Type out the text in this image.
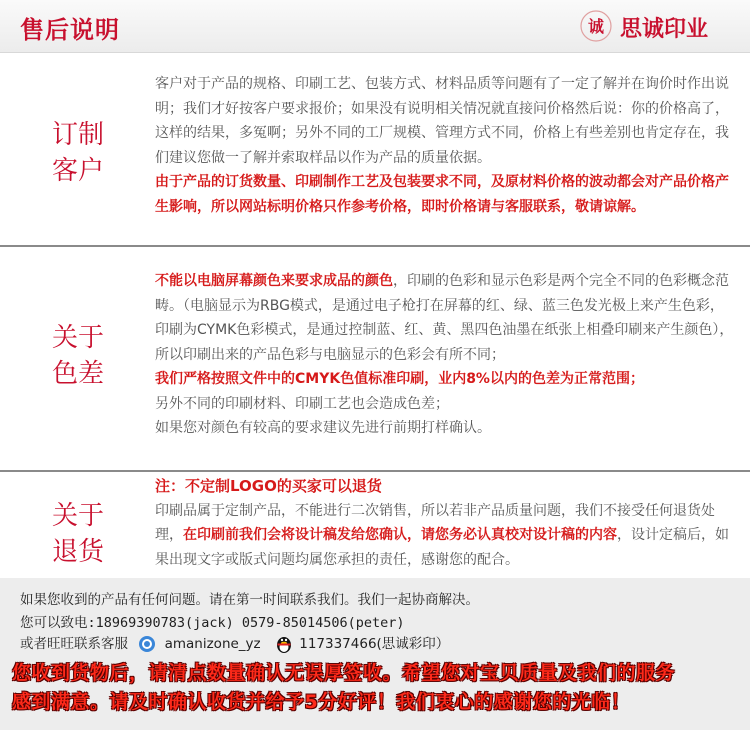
售后说明	诚 思诚印业
订制
客户

客户对于产品的规格、印刷工艺、包装方式、材料品质等问题有了一定了解并在询价时作出说明；我们才好按客户要求报价；如果没有说明相关情况就直接问价格然后说：你的价格高了，这样的结果，多冤啊；另外不同的工厂规模、管理方式不同，价格上有些差别也肯定存在，我们建议您做一了解并索取样品以作为产品的质量依据。

由于产品的订货数量、印刷制作工艺及包装要求不同，及原材料价格的波动都会对产品价格产生影响，所以网站标明价格只作参考价格，即时价格请与客服联系，敬请谅解。

关于
色差

不能以电脑屏幕颜色来要求成品的颜色，印刷的色彩和显示色彩是两个完全不同的色彩概念范畴。（电脑显示为RBG模式，是通过电子枪打在屏幕的红、绿、蓝三色发光极上来产生色彩，印刷为CYMK色彩模式，是通过控制蓝、红、黄、黑四色油墨在纸张上相叠印刷来产生颜色），所以印刷出来的产品色彩与电脑显示的色彩会有所不同；

我们严格按照文件中的CMYK色值标准印刷，业内8%以内的色差为正常范围；

另外不同的印刷材料、印刷工艺也会造成色差；

如果您对颜色有较高的要求建议先进行前期打样确认。

关于
退货

注：不定制LOGO的买家可以退货

印刷品属于定制产品，不能进行二次销售，所以若非产品质量问题，我们不接受任何退货处理，在印刷前我们会将设计稿发给您确认，请您务必认真校对设计稿的内容，设计定稿后，如果出现文字或版式问题均属您承担的责任，感谢您的配合。

如果您收到的产品有任何问题。请在第一时间联系我们。我们一起协商解决。
您可以致电:18969390783(jack) 0579-85014506(peter)
或者旺旺联系客服	amanizone_yz	117337466(思诚彩印）
您收到货物后，请清点数量确认无误厚签收。希望您对宝贝质量及我们的服务
感到满意。请及时确认收货并给予5分好评！我们衷心的感谢您的光临！
